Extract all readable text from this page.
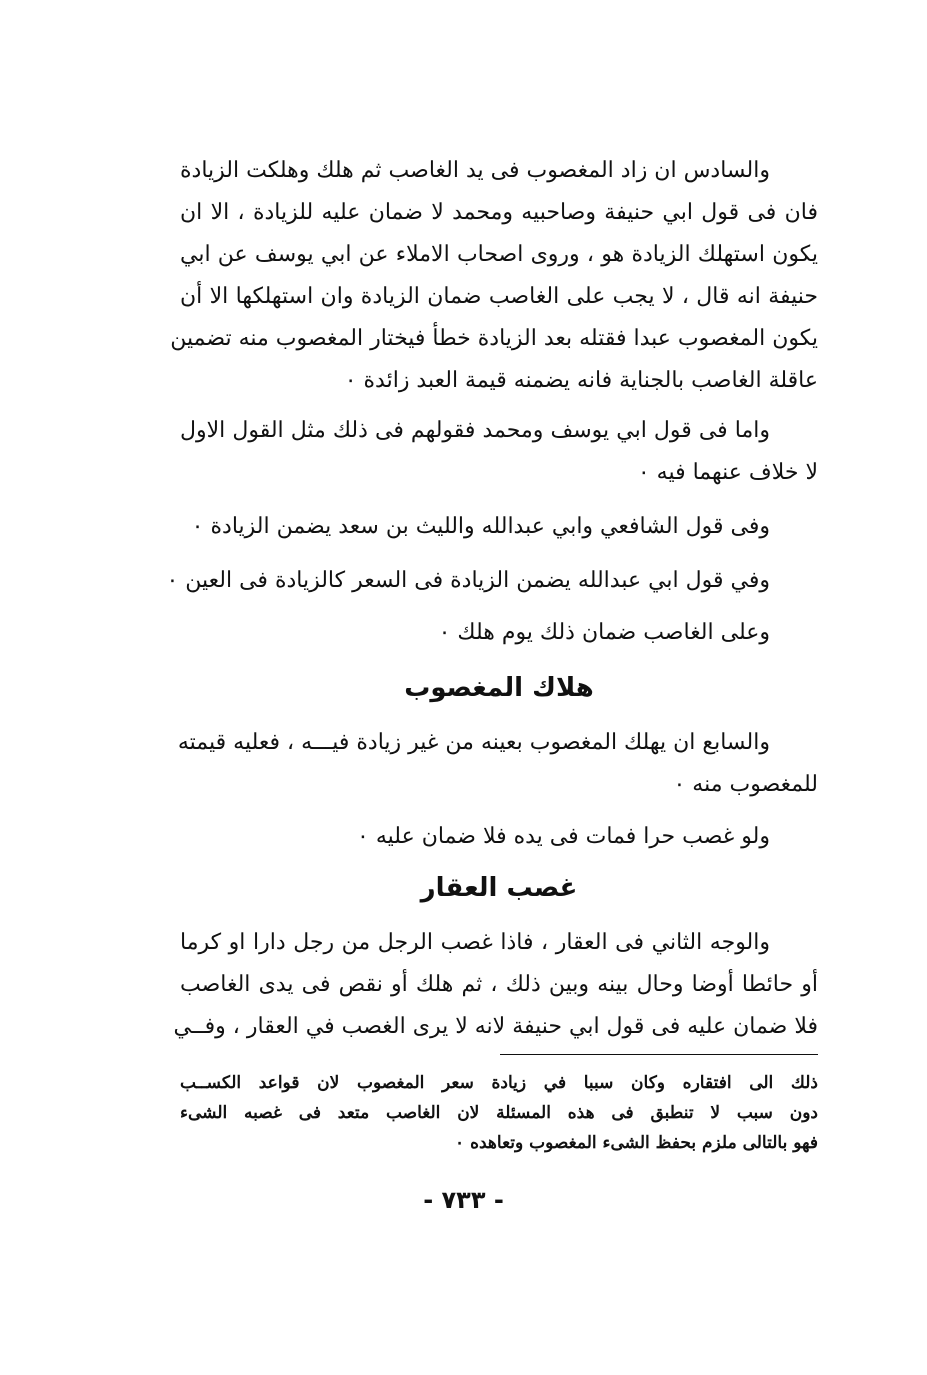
والسادس ان زاد المغصوب فى يد الغاصب ثم هلك وهلكت الزيادة
فان فى قول ابي حنيفة وصاحبيه ومحمد لا ضمان عليه للزيادة ، الا ان
يكون استهلك الزيادة هو ، وروى اصحاب الاملاء عن ابي يوسف عن ابي
حنيفة انه قال ، لا يجب على الغاصب ضمان الزيادة وان استهلكها الا أن
يكون المغصوب عبدا فقتله بعد الزيادة خطأ فيختار المغصوب منه تضمين
عاقلة الغاصب بالجناية فانه يضمنه قيمة العبد زائدة ٠
واما فى قول ابي يوسف ومحمد فقولهم فى ذلك مثل القول الاول
لا خلاف عنهما فيه ٠
وفى قول الشافعي وابي عبدالله والليث بن سعد يضمن الزيادة ٠
وفي قول ابي عبدالله يضمن الزيادة فى السعر كالزيادة فى العين ٠
وعلى الغاصب ضمان ذلك يوم هلك ٠
هلاك المغصوب
والسابع ان يهلك المغصوب بعينه من غير زيادة فيـــه ، فعليه قيمته
للمغصوب منه ٠
ولو غصب حرا فمات فى يده فلا ضمان عليه ٠
غصب العقار
والوجه الثاني فى العقار ، فاذا غصب الرجل من رجل دارا او كرما
أو حائطا أوضا وحال بينه وبين ذلك ، ثم هلك أو نقص فى يدى الغاصب
فلا ضمان عليه فى قول ابي حنيفة لانه لا يرى الغصب في العقار ، وفــي
ذلك الى افتقاره وكان سببا في زيادة سعر المغصوب لان قواعد الكســب
دون سبب لا تنطبق فى هذه المسئلة لان الغاصب متعد فى غصبه الشىء
فهو بالتالى ملزم بحفظ الشىء المغصوب وتعاهده ٠
- ٧٣٣ -
